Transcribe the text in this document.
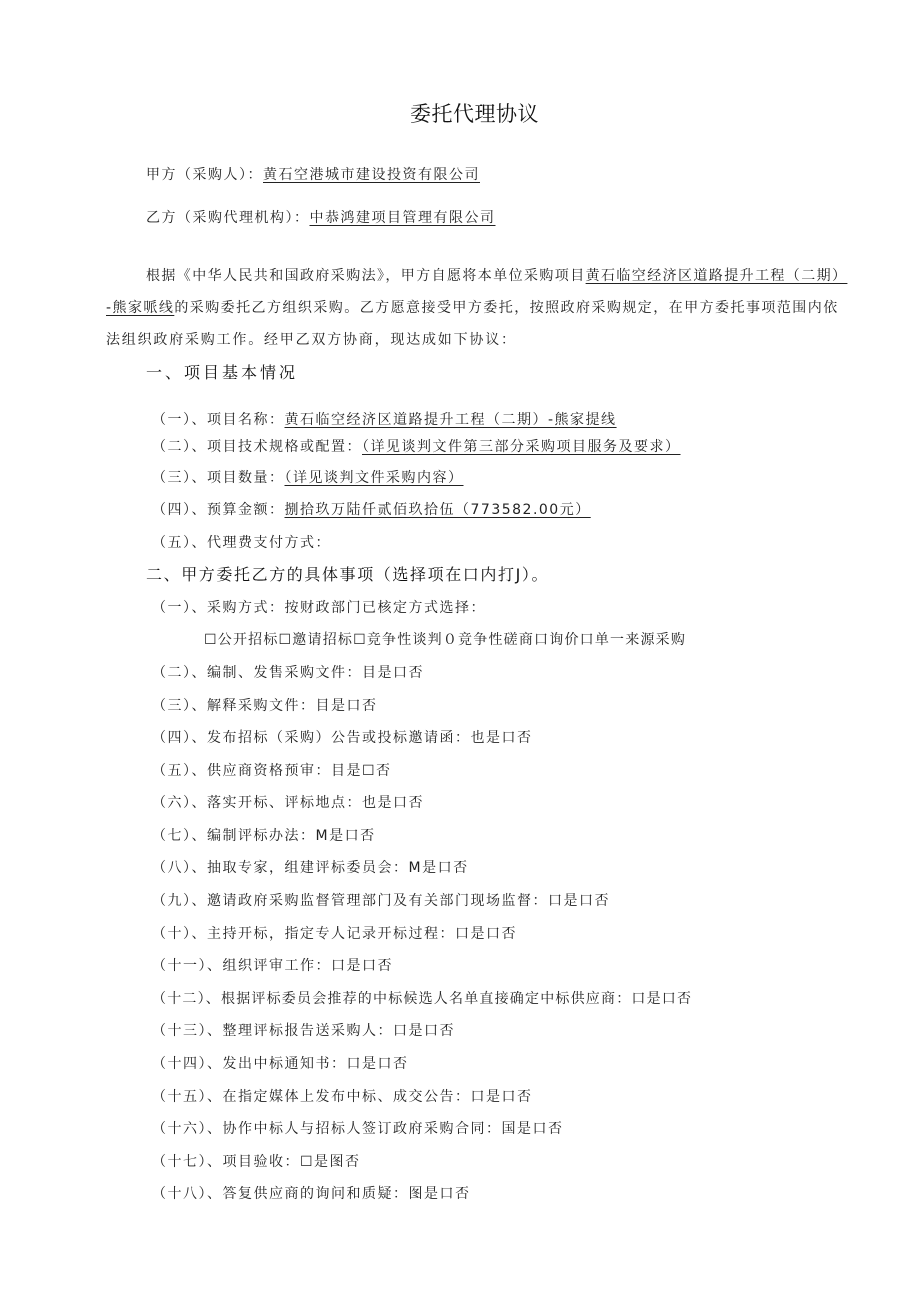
委托代理协议
甲方（采购人）：黄石空港城市建设投资有限公司
乙方（采购代理机构）：中恭鸿建项目管理有限公司
根据《中华人民共和国政府采购法》，甲方自愿将本单位采购项目黄石临空经济区道路提升工程（二期）
-熊家哌线的采购委托乙方组织采购。乙方愿意接受甲方委托，按照政府采购规定，在甲方委托事项范围内依
法组织政府采购工作。经甲乙双方协商，现达成如下协议：
一、项目基本情况
（一）、项目名称：黄石临空经济区道路提升工程（二期）-熊家提线
（二）、项目技术规格或配置：（详见谈判文件第三部分采购项目服务及要求）
（三）、项目数量：（详见谈判文件采购内容）
（四）、预算金额：捌拾玖万陆仟贰佰玖拾伍（773582.00元）
（五）、代理费支付方式：
二、甲方委托乙方的具体事项（选择项在口内打J）。
（一）、采购方式：按财政部门已核定方式选择：
☐公开招标☐邀请招标☐竞争性谈判０竞争性磋商口询价口单一来源采购
（二）、编制、发售采购文件：目是口否
（三）、解释采购文件：目是口否
（四）、发布招标（采购）公告或投标邀请函：也是口否
（五）、供应商资格预审：目是☐否
（六）、落实开标、评标地点：也是口否
（七）、编制评标办法：M是口否
（八）、抽取专家，组建评标委员会：M是口否
（九）、邀请政府采购监督管理部门及有关部门现场监督：口是口否
（十）、主持开标，指定专人记录开标过程：口是口否
（十一）、组织评审工作：口是口否
（十二）、根据评标委员会推荐的中标候选人名单直接确定中标供应商：口是口否
（十三）、整理评标报告送采购人：口是口否
（十四）、发出中标通知书：口是口否
（十五）、在指定媒体上发布中标、成交公告：口是口否
（十六）、协作中标人与招标人签订政府采购合同：国是口否
（十七）、项目验收：☐是图否
（十八）、答复供应商的询问和质疑：图是口否
